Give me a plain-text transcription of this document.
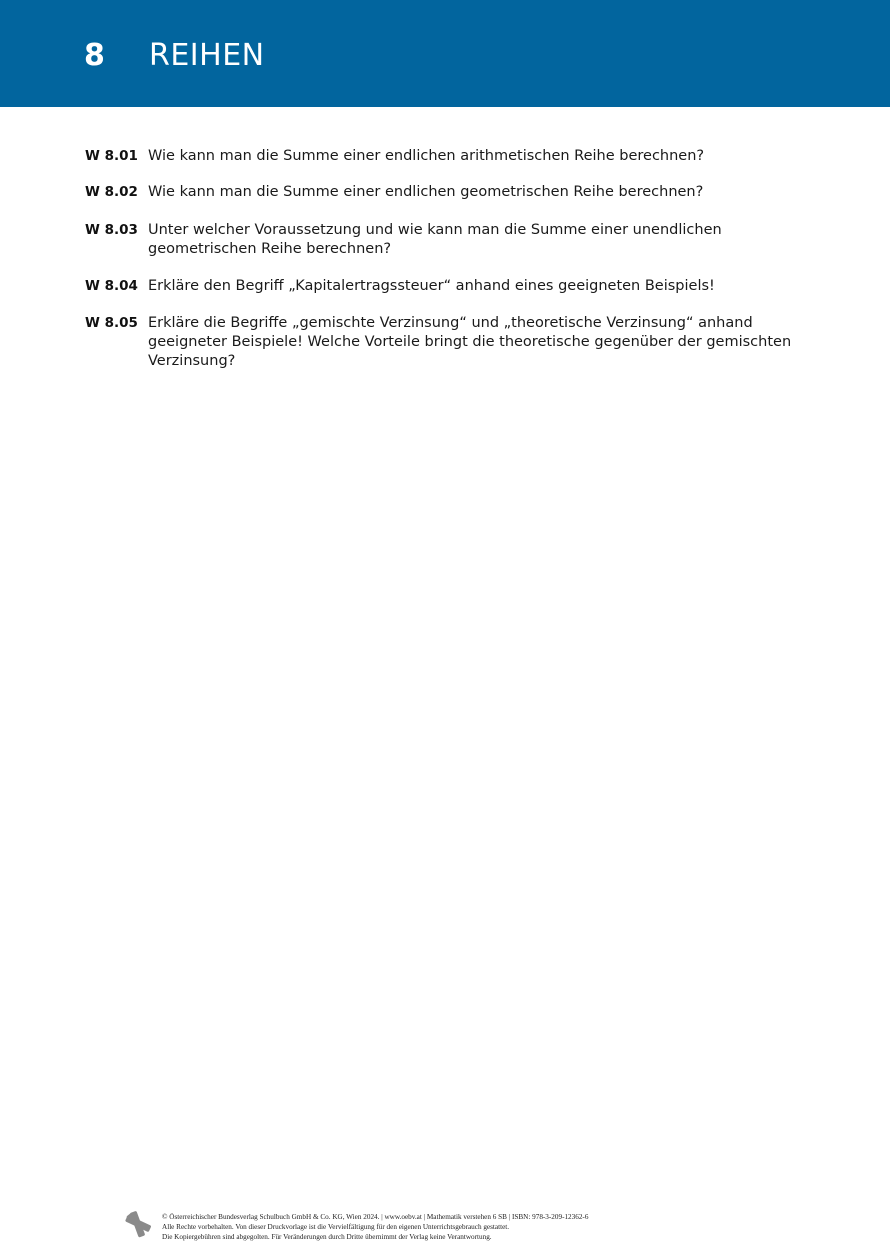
8 REIHEN
W 8.01 Wie kann man die Summe einer endlichen arithmetischen Reihe berechnen?
W 8.02 Wie kann man die Summe einer endlichen geometrischen Reihe berechnen?
W 8.03 Unter welcher Voraussetzung und wie kann man die Summe einer unendlichen geometrischen Reihe berechnen?
W 8.04 Erkläre den Begriff „Kapitalertragssteuer“ anhand eines geeigneten Beispiels!
W 8.05 Erkläre die Begriffe „gemischte Verzinsung“ und „theoretische Verzinsung“ anhand geeigneter Beispiele! Welche Vorteile bringt die theoretische gegenüber der gemischten Verzinsung?
© Österreichischer Bundesverlag Schulbuch GmbH & Co. KG, Wien 2024. | www.oebv.at | Mathematik verstehen 6 SB | ISBN: 978-3-209-12362-6
Alle Rechte vorbehalten. Von dieser Druckvorlage ist die Vervielfältigung für den eigenen Unterrichtsgebrauch gestattet.
Die Kopiergebühren sind abgegolten. Für Veränderungen durch Dritte übernimmt der Verlag keine Verantwortung.
